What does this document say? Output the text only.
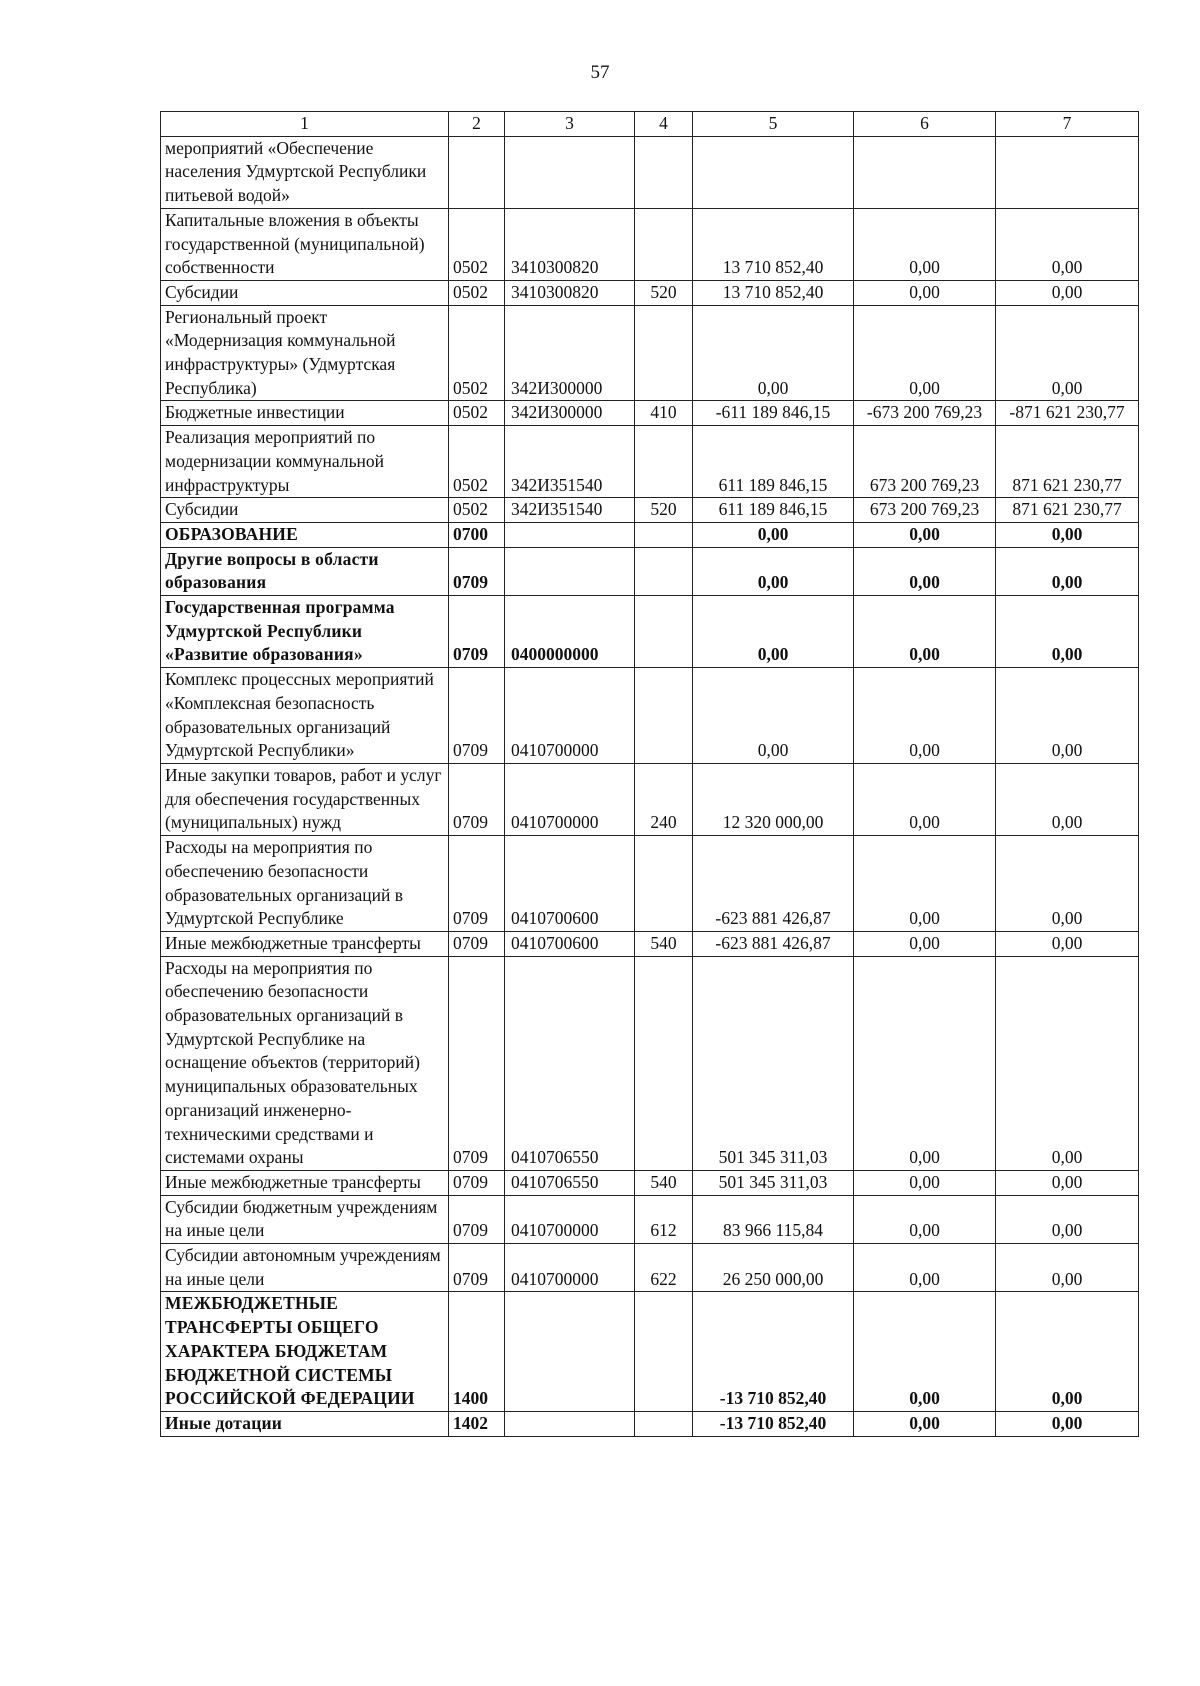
57
1	2	3	4	5	6	7
мероприятий «Обеспечение населения Удмуртской Республики питьевой водой»						
Капитальные вложения в объекты государственной (муниципальной) собственности	0502	3410300820		13 710 852,40	0,00	0,00
Субсидии	0502	3410300820	520	13 710 852,40	0,00	0,00
Региональный проект «Модернизация коммунальной инфраструктуры» (Удмуртская Республика)	0502	342И300000		0,00	0,00	0,00
Бюджетные инвестиции	0502	342И300000	410	-611 189 846,15	-673 200 769,23	-871 621 230,77
Реализация мероприятий по модернизации коммунальной инфраструктуры	0502	342И351540		611 189 846,15	673 200 769,23	871 621 230,77
Субсидии	0502	342И351540	520	611 189 846,15	673 200 769,23	871 621 230,77
ОБРАЗОВАНИЕ	0700			0,00	0,00	0,00
Другие вопросы в области образования	0709			0,00	0,00	0,00
Государственная программа Удмуртской Республики «Развитие образования»	0709	0400000000		0,00	0,00	0,00
Комплекс процессных мероприятий «Комплексная безопасность образовательных организаций Удмуртской Республики»	0709	0410700000		0,00	0,00	0,00
Иные закупки товаров, работ и услуг для обеспечения государственных (муниципальных) нужд	0709	0410700000	240	12 320 000,00	0,00	0,00
Расходы на мероприятия по обеспечению безопасности образовательных организаций в Удмуртской Республике	0709	0410700600		-623 881 426,87	0,00	0,00
Иные межбюджетные трансферты	0709	0410700600	540	-623 881 426,87	0,00	0,00
Расходы на мероприятия по обеспечению безопасности образовательных организаций в Удмуртской Республике на оснащение объектов (территорий) муниципальных образовательных организаций инженерно-техническими средствами и системами охраны	0709	0410706550		501 345 311,03	0,00	0,00
Иные межбюджетные трансферты	0709	0410706550	540	501 345 311,03	0,00	0,00
Субсидии бюджетным учреждениям на иные цели	0709	0410700000	612	83 966 115,84	0,00	0,00
Субсидии автономным учреждениям на иные цели	0709	0410700000	622	26 250 000,00	0,00	0,00
МЕЖБЮДЖЕТНЫЕ ТРАНСФЕРТЫ ОБЩЕГО ХАРАКТЕРА БЮДЖЕТАМ БЮДЖЕТНОЙ СИСТЕМЫ РОССИЙСКОЙ ФЕДЕРАЦИИ	1400			-13 710 852,40	0,00	0,00
Иные дотации	1402			-13 710 852,40	0,00	0,00
